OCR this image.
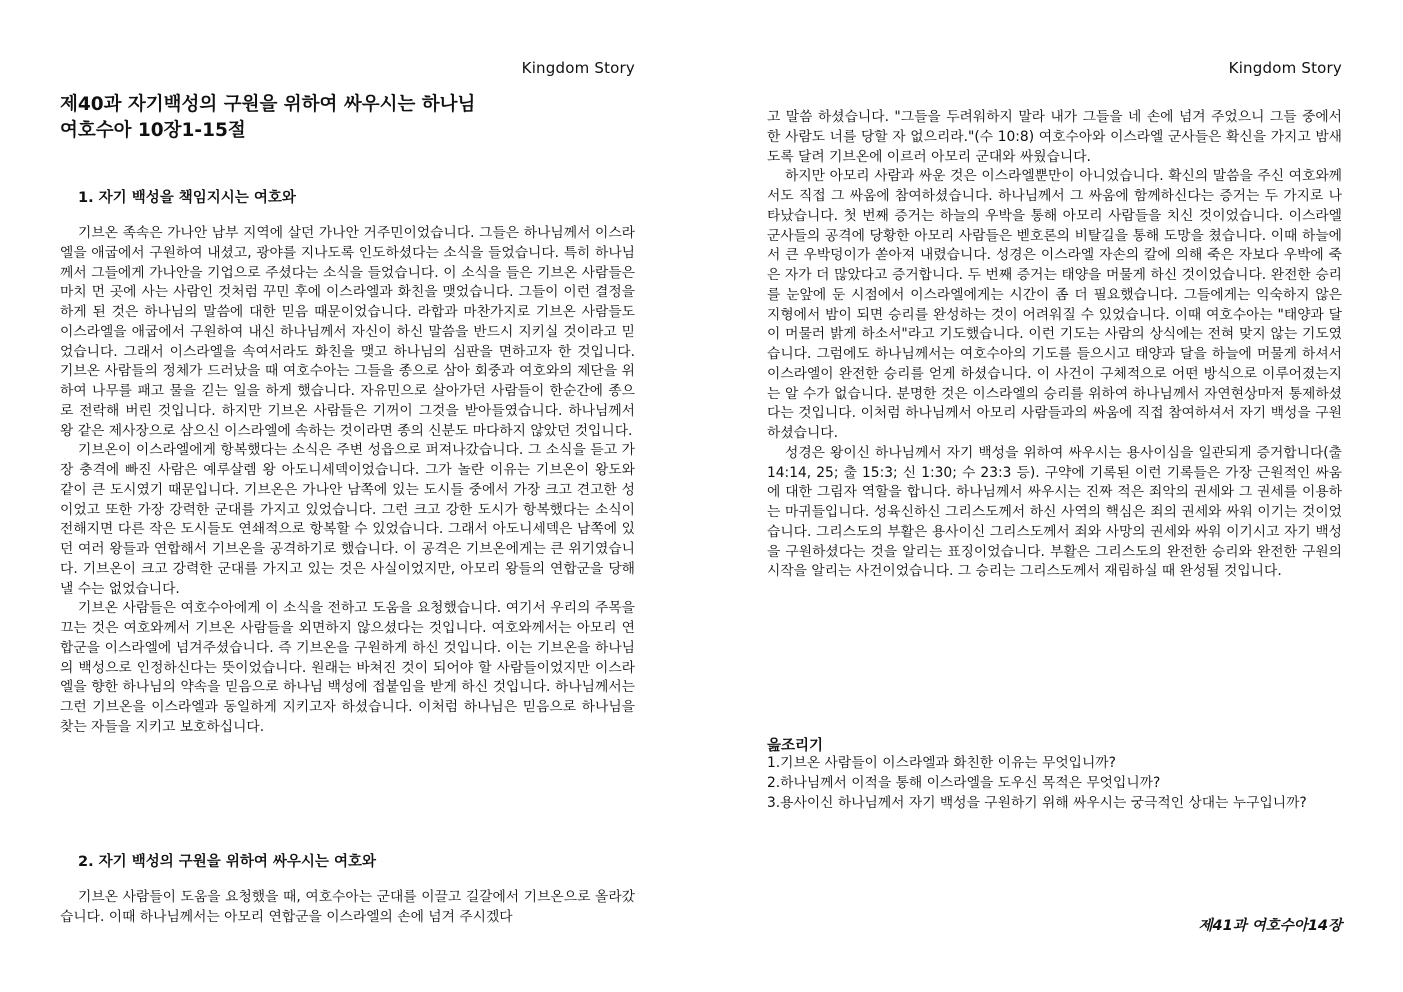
Kingdom Story
제40과 자기백성의 구원을 위하여 싸우시는 하나님
여호수아 10장1-15절
1. 자기 백성을 책임지시는 여호와

기브온 족속은 가나안 남부 지역에 살던 가나안 거주민이었습니다. 그들은 하나님께서 이스라엘을 애굽에서 구원하여 내셨고, 광야를 지나도록 인도하셨다는 소식을 들었습니다. 특히 하나님께서 그들에게 가나안을 기업으로 주셨다는 소식을 들었습니다. 이 소식을 들은 기브온 사람들은 마치 먼 곳에 사는 사람인 것처럼 꾸민 후에 이스라엘과 화친을 맺었습니다. 그들이 이런 결정을 하게 된 것은 하나님의 말씀에 대한 믿음 때문이었습니다. 라합과 마찬가지로 기브온 사람들도 이스라엘을 애굽에서 구원하여 내신 하나님께서 자신이 하신 말씀을 반드시 지키실 것이라고 믿었습니다. 그래서 이스라엘을 속여서라도 화친을 맺고 하나님의 심판을 면하고자 한 것입니다. 기브온 사람들의 정체가 드러났을 때 여호수아는 그들을 종으로 삼아 회중과 여호와의 제단을 위하여 나무를 패고 물을 긷는 일을 하게 했습니다. 자유민으로 살아가던 사람들이 한순간에 종으로 전락해 버린 것입니다. 하지만 기브온 사람들은 기꺼이 그것을 받아들였습니다. 하나님께서 왕 같은 제사장으로 삼으신 이스라엘에 속하는 것이라면 종의 신분도 마다하지 않았던 것입니다.

기브온이 이스라엘에게 항복했다는 소식은 주변 성읍으로 퍼져나갔습니다. 그 소식을 듣고 가장 충격에 빠진 사람은 예루살렘 왕 아도니세덱이었습니다. 그가 놀란 이유는 기브온이 왕도와 같이 큰 도시였기 때문입니다. 기브온은 가나안 남쪽에 있는 도시들 중에서 가장 크고 견고한 성이었고 또한 가장 강력한 군대를 가지고 있었습니다. 그런 크고 강한 도시가 항복했다는 소식이 전해지면 다른 작은 도시들도 연쇄적으로 항복할 수 있었습니다. 그래서 아도니세덱은 남쪽에 있던 여러 왕들과 연합해서 기브온을 공격하기로 했습니다. 이 공격은 기브온에게는 큰 위기였습니다. 기브온이 크고 강력한 군대를 가지고 있는 것은 사실이었지만, 아모리 왕들의 연합군을 당해 낼 수는 없었습니다.

기브온 사람들은 여호수아에게 이 소식을 전하고 도움을 요청했습니다. 여기서 우리의 주목을 끄는 것은 여호와께서 기브온 사람들을 외면하지 않으셨다는 것입니다. 여호와께서는 아모리 연합군을 이스라엘에 넘겨주셨습니다. 즉 기브온을 구원하게 하신 것입니다. 이는 기브온을 하나님의 백성으로 인정하신다는 뜻이었습니다. 원래는 바쳐진 것이 되어야 할 사람들이었지만 이스라엘을 향한 하나님의 약속을 믿음으로 하나님 백성에 접붙임을 받게 하신 것입니다. 하나님께서는 그런 기브온을 이스라엘과 동일하게 지키고자 하셨습니다. 이처럼 하나님은 믿음으로 하나님을 찾는 자들을 지키고 보호하십니다.

2. 자기 백성의 구원을 위하여 싸우시는 여호와

기브온 사람들이 도움을 요청했을 때, 여호수아는 군대를 이끌고 길갈에서 기브온으로 올라갔습니다. 이때 하나님께서는 아모리 연합군을 이스라엘의 손에 넘겨 주시겠다

Kingdom Story

고 말씀 하셨습니다. "그들을 두려워하지 말라 내가 그들을 네 손에 넘겨 주었으니 그들 중에서 한 사람도 너를 당할 자 없으리라."(수 10:8) 여호수아와 이스라엘 군사들은 확신을 가지고 밤새도록 달려 기브온에 이르러 아모리 군대와 싸웠습니다.

하지만 아모리 사람과 싸운 것은 이스라엘뿐만이 아니었습니다. 확신의 말씀을 주신 여호와께서도 직접 그 싸움에 참여하셨습니다. 하나님께서 그 싸움에 함께하신다는 증거는 두 가지로 나타났습니다. 첫 번째 증거는 하늘의 우박을 통해 아모리 사람들을 치신 것이었습니다. 이스라엘 군사들의 공격에 당황한 아모리 사람들은 벧호론의 비탈길을 통해 도망을 쳤습니다. 이때 하늘에서 큰 우박덩이가 쏟아져 내렸습니다. 성경은 이스라엘 자손의 칼에 의해 죽은 자보다 우박에 죽은 자가 더 많았다고 증거합니다. 두 번째 증거는 태양을 머물게 하신 것이었습니다. 완전한 승리를 눈앞에 둔 시점에서 이스라엘에게는 시간이 좀 더 필요했습니다. 그들에게는 익숙하지 않은 지형에서 밤이 되면 승리를 완성하는 것이 어려워질 수 있었습니다. 이때 여호수아는 "태양과 달이 머물러 밝게 하소서"라고 기도했습니다. 이런 기도는 사람의 상식에는 전혀 맞지 않는 기도였습니다. 그럼에도 하나님께서는 여호수아의 기도를 들으시고 태양과 달을 하늘에 머물게 하셔서 이스라엘이 완전한 승리를 얻게 하셨습니다. 이 사건이 구체적으로 어떤 방식으로 이루어졌는지는 알 수가 없습니다. 분명한 것은 이스라엘의 승리를 위하여 하나님께서 자연현상마저 통제하셨다는 것입니다. 이처럼 하나님께서 아모리 사람들과의 싸움에 직접 참여하셔서 자기 백성을 구원하셨습니다.

성경은 왕이신 하나님께서 자기 백성을 위하여 싸우시는 용사이심을 일관되게 증거합니다(출 14:14, 25; 출 15:3; 신 1:30; 수 23:3 등). 구약에 기록된 이런 기록들은 가장 근원적인 싸움에 대한 그림자 역할을 합니다. 하나님께서 싸우시는 진짜 적은 죄악의 권세와 그 권세를 이용하는 마귀들입니다. 성육신하신 그리스도께서 하신 사역의 핵심은 죄의 권세와 싸워 이기는 것이었습니다. 그리스도의 부활은 용사이신 그리스도께서 죄와 사망의 권세와 싸워 이기시고 자기 백성을 구원하셨다는 것을 알리는 표징이었습니다. 부활은 그리스도의 완전한 승리와 완전한 구원의 시작을 알리는 사건이었습니다. 그 승리는 그리스도께서 재림하실 때 완성될 것입니다.

읊조리기
1.기브온 사람들이 이스라엘과 화친한 이유는 무엇입니까?
2.하나님께서 이적을 통해 이스라엘을 도우신 목적은 무엇입니까?
3.용사이신 하나님께서 자기 백성을 구원하기 위해 싸우시는 궁극적인 상대는 누구입니까?
제41과 여호수아14장
